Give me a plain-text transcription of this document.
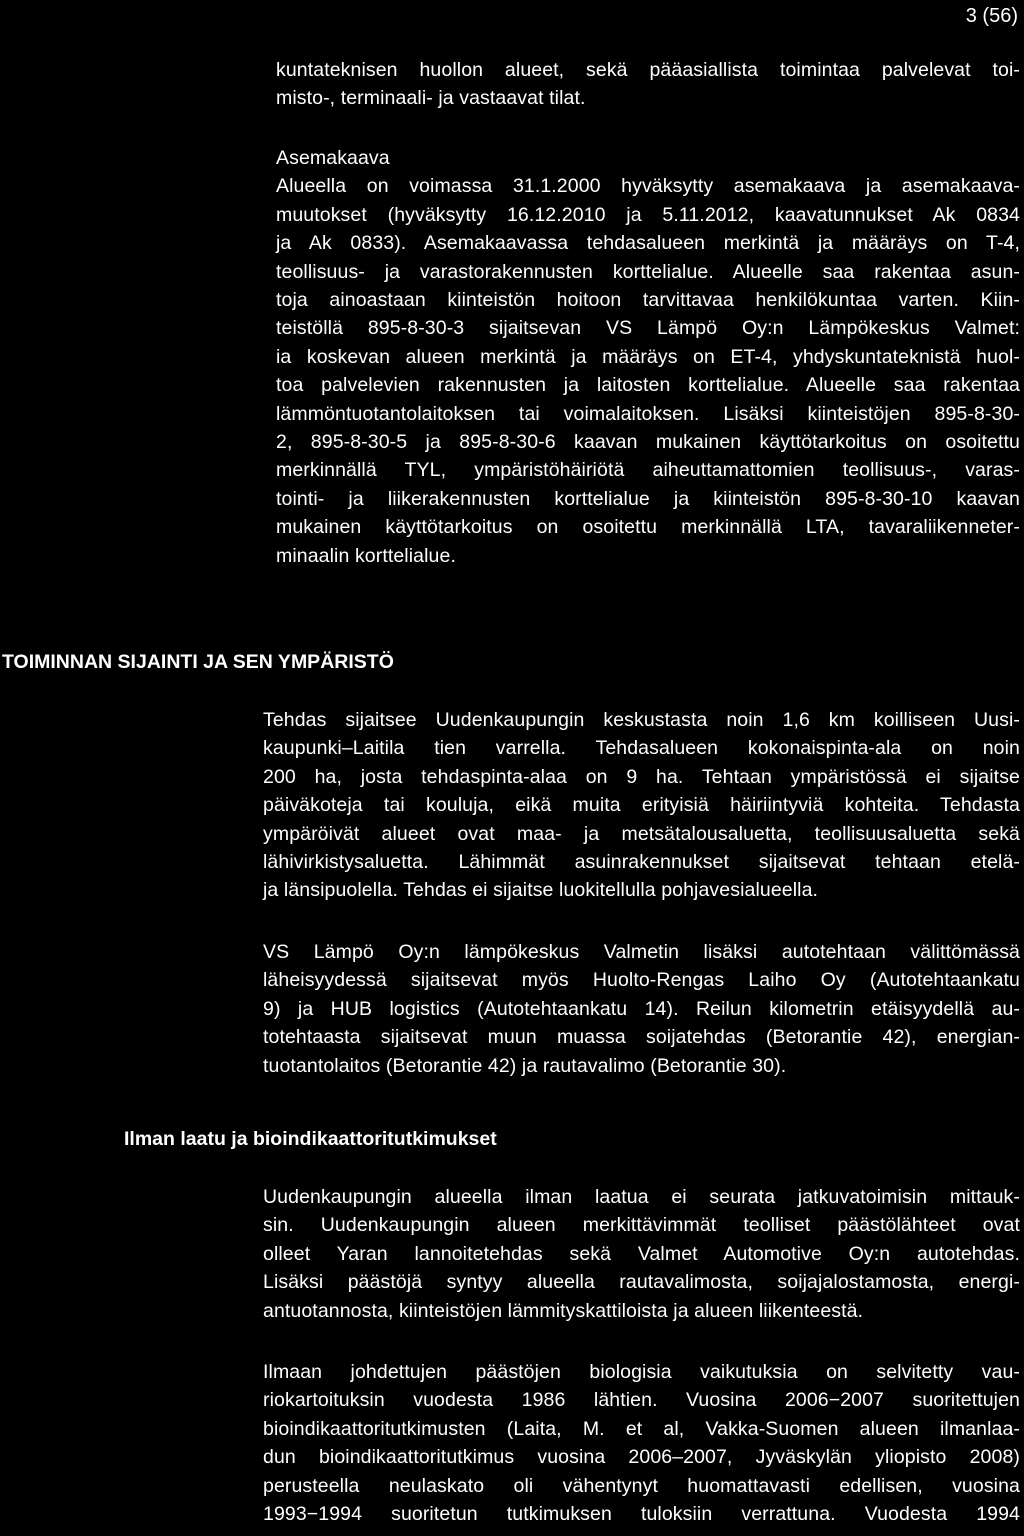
3 (56)
kuntateknisen huollon alueet, sekä pääasiallista toimintaa palvelevat toi-
misto-, terminaali- ja vastaavat tilat.
Asemakaava
Alueella on voimassa 31.1.2000 hyväksytty asemakaava ja asemakaava-
muutokset (hyväksytty 16.12.2010 ja 5.11.2012, kaavatunnukset Ak 0834
ja Ak 0833). Asemakaavassa tehdasalueen merkintä ja määräys on T-4,
teollisuus- ja varastorakennusten korttelialue. Alueelle saa rakentaa asun-
toja ainoastaan kiinteistön hoitoon tarvittavaa henkilökuntaa varten. Kiin-
teistöllä 895-8-30-3 sijaitsevan VS Lämpö Oy:n Lämpökeskus Valmet:
ia koskevan alueen merkintä ja määräys on ET-4, yhdyskuntateknistä huol-
toa palvelevien rakennusten ja laitosten korttelialue. Alueelle saa rakentaa
lämmöntuotantolaitoksen tai voimalaitoksen. Lisäksi kiinteistöjen 895-8-30-
2, 895-8-30-5 ja 895-8-30-6 kaavan mukainen käyttötarkoitus on osoitettu
merkinnällä TYL, ympäristöhäiriötä aiheuttamattomien teollisuus-, varas-
tointi- ja liikerakennusten korttelialue ja kiinteistön 895-8-30-10 kaavan
mukainen käyttötarkoitus on osoitettu merkinnällä LTA, tavaraliikenneter-
minaalin korttelialue.
TOIMINNAN SIJAINTI JA SEN YMPÄRISTÖ
Tehdas sijaitsee Uudenkaupungin keskustasta noin 1,6 km koilliseen Uusi-
kaupunki–Laitila tien varrella. Tehdasalueen kokonaispinta-ala on noin
200 ha, josta tehdaspinta-alaa on 9 ha. Tehtaan ympäristössä ei sijaitse
päiväkoteja tai kouluja, eikä muita erityisiä häiriintyviä kohteita. Tehdasta
ympäröivät alueet ovat maa- ja metsätalousaluetta, teollisuusaluetta sekä
lähivirkistysaluetta. Lähimmät asuinrakennukset sijaitsevat tehtaan etelä-
ja länsipuolella. Tehdas ei sijaitse luokitellulla pohjavesialueella.
VS Lämpö Oy:n lämpökeskus Valmetin lisäksi autotehtaan välittömässä
läheisyydessä sijaitsevat myös Huolto-Rengas Laiho Oy (Autotehtaankatu
9) ja HUB logistics (Autotehtaankatu 14). Reilun kilometrin etäisyydellä au-
totehtaasta sijaitsevat muun muassa soijatehdas (Betorantie 42), energian-
tuotantolaitos (Betorantie 42) ja rautavalimo (Betorantie 30).
Ilman laatu ja bioindikaattoritutkimukset
Uudenkaupungin alueella ilman laatua ei seurata jatkuvatoimisin mittauk-
sin. Uudenkaupungin alueen merkittävimmät teolliset päästölähteet ovat
olleet Yaran lannoitetehdas sekä Valmet Automotive Oy:n autotehdas.
Lisäksi päästöjä syntyy alueella rautavalimosta, soijajalostamosta, energi-
antuotannosta, kiinteistöjen lämmityskattiloista ja alueen liikenteestä.
Ilmaan johdettujen päästöjen biologisia vaikutuksia on selvitetty vau-
riokartoituksin vuodesta 1986 lähtien. Vuosina 2006−2007 suoritettujen
bioindikaattoritutkimusten (Laita, M. et al, Vakka-Suomen alueen ilmanlaa-
dun bioindikaattoritutkimus vuosina 2006–2007, Jyväskylän yliopisto 2008)
perusteella neulaskato oli vähentynyt huomattavasti edellisen, vuosina
1993−1994 suoritetun tutkimuksen tuloksiin verrattuna. Vuodesta 1994
